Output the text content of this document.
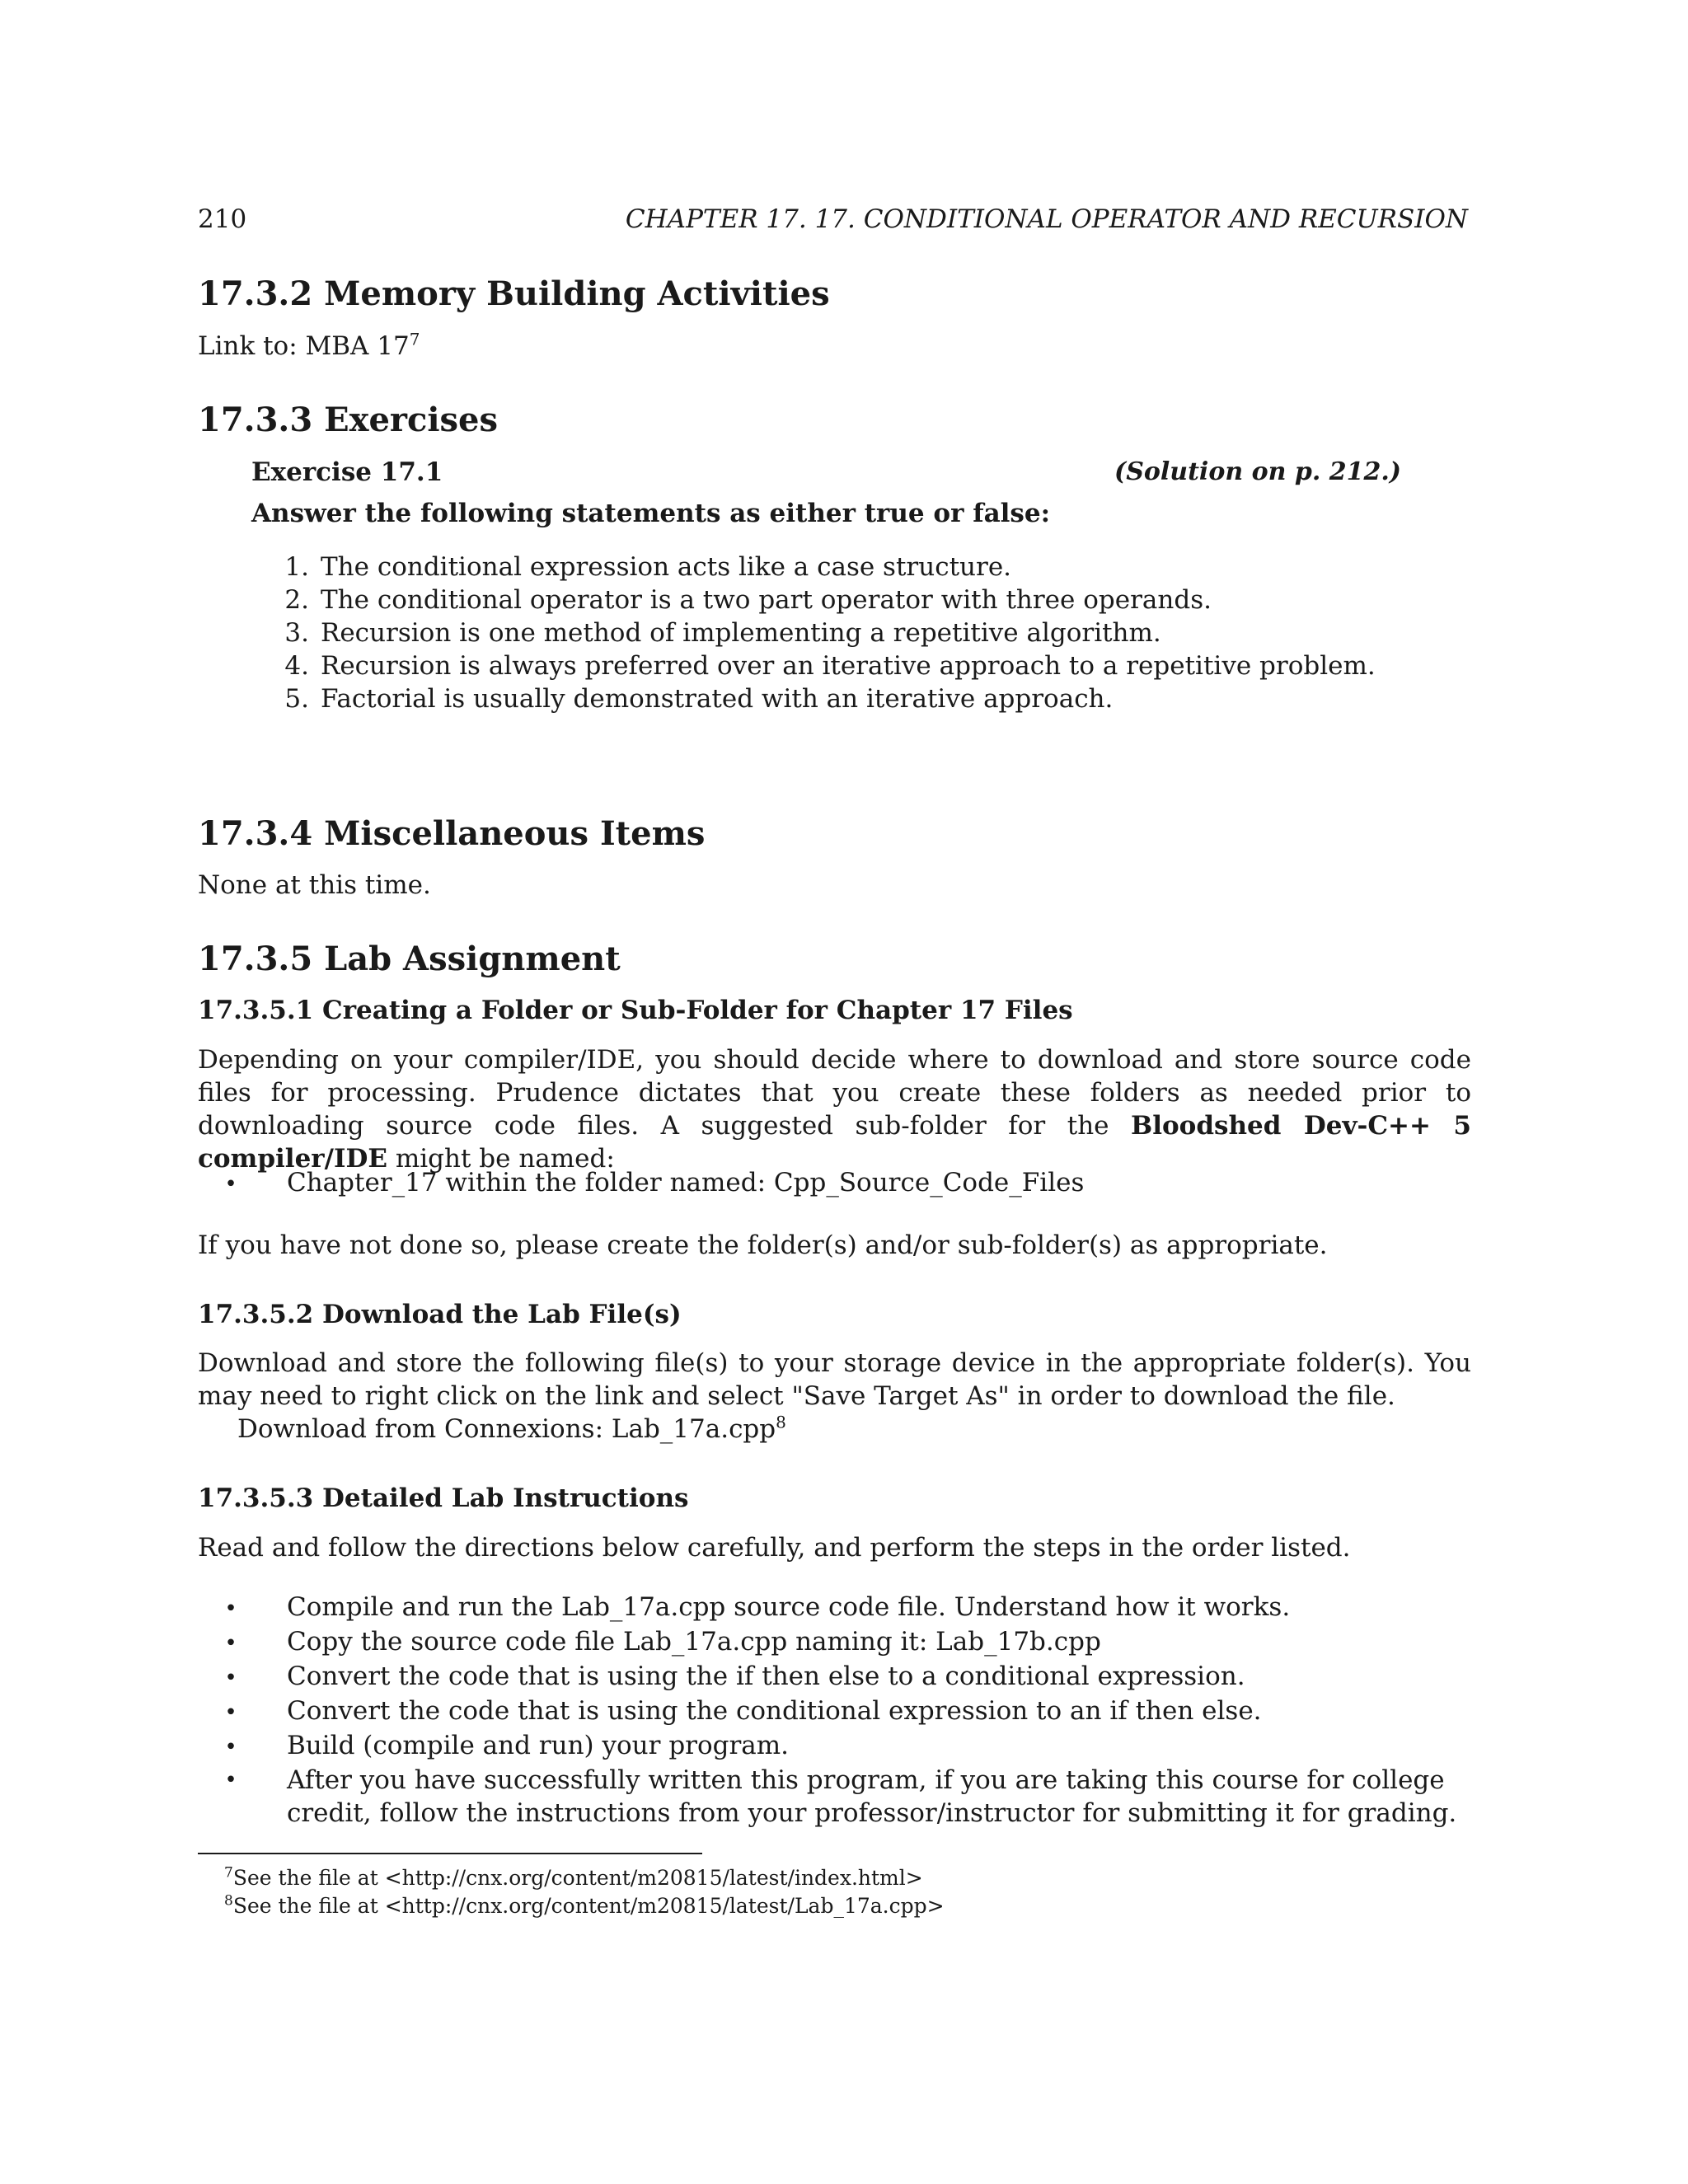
210	CHAPTER 17. 17. CONDITIONAL OPERATOR AND RECURSION
17.3.2 Memory Building Activities
Link to: MBA $17^7$
17.3.3 Exercises
Exercise 17.1	(Solution on p. 212.)
Answer the following statements as either true or false:
1. The conditional expression acts like a case structure.
2. The conditional operator is a two part operator with three operands.
3. Recursion is one method of implementing a repetitive algorithm.
4. Recursion is always preferred over an iterative approach to a repetitive problem.
5. Factorial is usually demonstrated with an iterative approach.
17.3.4 Miscellaneous Items
None at this time.
17.3.5 Lab Assignment
17.3.5.1 Creating a Folder or Sub-Folder for Chapter 17 Files
Depending on your compiler/IDE, you should decide where to download and store source code files for processing. Prudence dictates that you create these folders as needed prior to downloading source code files. A suggested sub-folder for the Bloodshed Dev-C++ 5 compiler/IDE might be named:
• Chapter_17 within the folder named: Cpp_Source_Code_Files
If you have not done so, please create the folder(s) and/or sub-folder(s) as appropriate.
17.3.5.2 Download the Lab File(s)
Download and store the following file(s) to your storage device in the appropriate folder(s). You may need to right click on the link and select "Save Target As" in order to download the file.
Download from Connexions: Lab_17a.cpp$^8$
17.3.5.3 Detailed Lab Instructions
Read and follow the directions below carefully, and perform the steps in the order listed.
• Compile and run the Lab_17a.cpp source code file. Understand how it works.
• Copy the source code file Lab_17a.cpp naming it: Lab_17b.cpp
• Convert the code that is using the if then else to a conditional expression.
• Convert the code that is using the conditional expression to an if then else.
• Build (compile and run) your program.
• After you have successfully written this program, if you are taking this course for college credit, follow the instructions from your professor/instructor for submitting it for grading.
$^7$See the file at <http://cnx.org/content/m20815/latest/index.html>
$^8$See the file at <http://cnx.org/content/m20815/latest/Lab_17a.cpp>
